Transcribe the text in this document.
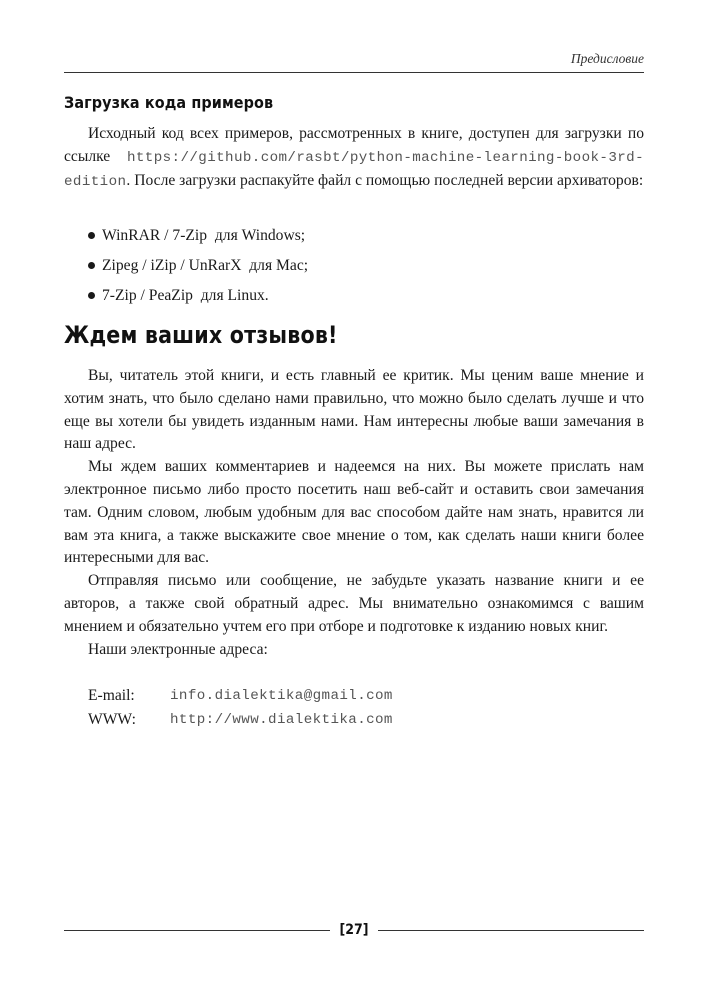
Предисловие
Загрузка кода примеров

Исходный код всех примеров, рассмотренных в книге, доступен для загрузки по ссылке https://github.com/rasbt/python-machine-learning-book-3rd-edition. После загрузки распакуйте файл с помощью последней версии архиваторов:

WinRAR / 7-Zip для Windows;
Zipeg / iZip / UnRarX для Mac;
7-Zip / PeaZip для Linux.
Ждем ваших отзывов!

Вы, читатель этой книги, и есть главный ее критик. Мы ценим ваше мнение и хотим знать, что было сделано нами правильно, что можно было сделать лучше и что еще вы хотели бы увидеть изданным нами. Нам интересны любые ваши замечания в наш адрес.

Мы ждем ваших комментариев и надеемся на них. Вы можете прислать нам электронное письмо либо просто посетить наш веб-сайт и оставить свои замечания там. Одним словом, любым удобным для вас способом дайте нам знать, нравится ли вам эта книга, а также выскажите свое мнение о том, как сделать наши книги более интересными для вас.

Отправляя письмо или сообщение, не забудьте указать название книги и ее авторов, а также свой обратный адрес. Мы внимательно ознакомимся с вашим мнением и обязательно учтем его при отборе и подготовке к изданию новых книг.

Наши электронные адреса:

E-mail:	info.dialektika@gmail.com
WWW:	http://www.dialektika.com
[27]
